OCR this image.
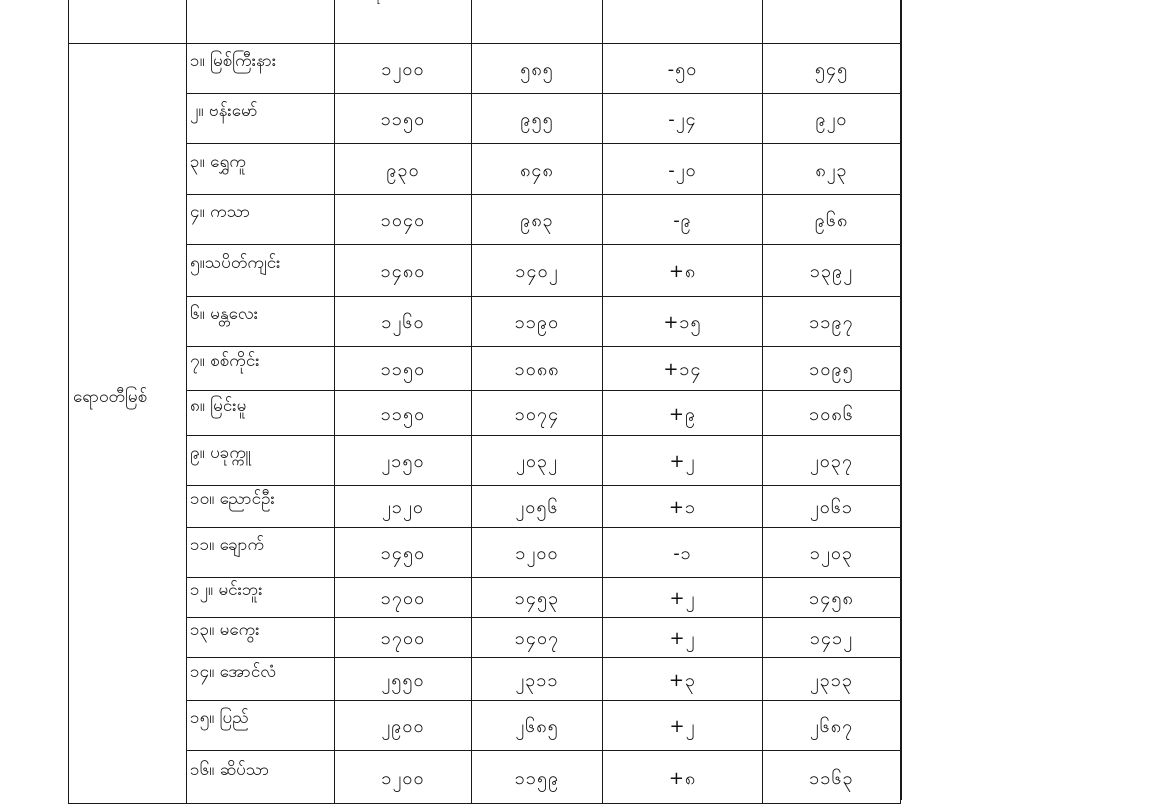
ရောဝတီမြစ်	၁။ မြစ်ကြီးနား	၁၂၀၀	၅၈၅	-၅၀	၅၄၅
	၂။ ဗန်းမော်	၁၁၅၀	၉၅၅	-၂၄	၉၂၀
	၃။ ရွှေကူ	၉၃၀	၈၄၈	-၂၀	၈၂၃
	၄။ ကသာ	၁၀၄၀	၉၈၃	-၉	၉၆၈
	၅။သပိတ်ကျင်း	၁၄၈၀	၁၄၀၂	+၈	၁၃၉၂
	၆။ မန္တလေး	၁၂၆၀	၁၁၉၀	+၁၅	၁၁၉၇
	၇။ စစ်ကိုင်း	၁၁၅၀	၁၀၈၈	+၁၄	၁၀၉၅
	၈။ မြင်းမူ	၁၁၅၀	၁၀၇၄	+၉	၁၀၈၆
	၉။ ပခုက္ကူ	၂၁၅၀	၂၀၃၂	+၂	၂၀၃၇
	၁၀။ ညောင်ဦး	၂၁၂၀	၂၀၅၆	+၁	၂၀၆၁
	၁၁။ ချောက်	၁၄၅၀	၁၂၀၀	-၁	၁၂၀၃
	၁၂။ မင်းဘူး	၁၇၀၀	၁၄၅၃	+၂	၁၄၅၈
	၁၃။ မကွေး	၁၇၀၀	၁၄၀၇	+၂	၁၄၁၂
	၁၄။ အောင်လံ	၂၅၅၀	၂၃၁၁	+၃	၂၃၁၃
	၁၅။ ပြည်	၂၉၀၀	၂၆၈၅	+၂	၂၆၈၇
	၁၆။ ဆိပ်သာ	၁၂၀၀	၁၁၅၉	+၈	၁၁၆၃
